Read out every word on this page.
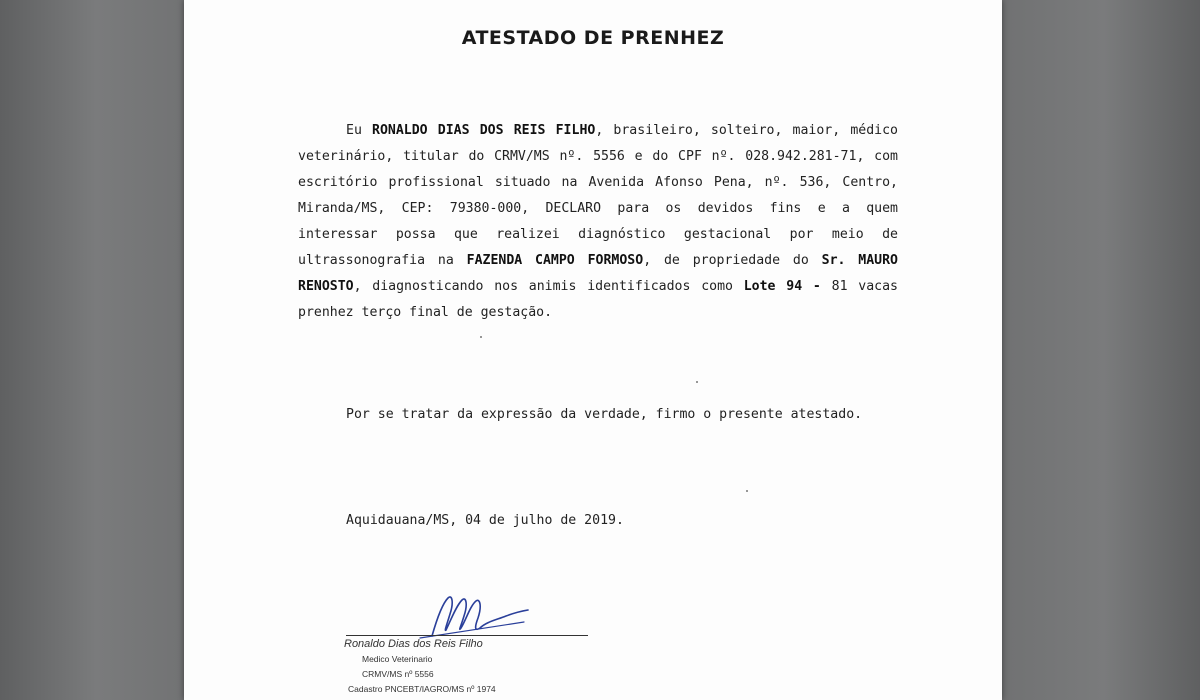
ATESTADO DE PRENHEZ
Eu RONALDO DIAS DOS REIS FILHO, brasileiro, solteiro, maior, médico veterinário, titular do CRMV/MS nº. 5556 e do CPF nº. 028.942.281-71, com escritório profissional situado na Avenida Afonso Pena, nº. 536, Centro, Miranda/MS, CEP: 79380-000, DECLARO para os devidos fins e a quem interessar possa que realizei diagnóstico gestacional por meio de ultrassonografia na FAZENDA CAMPO FORMOSO, de propriedade do Sr. MAURO RENOSTO, diagnosticando nos animis identificados como Lote 94 - 81 vacas prenhez terço final de gestação.
Por se tratar da expressão da verdade, firmo o presente atestado.
Aquidauana/MS, 04 de julho de 2019.
Ronaldo Dias dos Reis Filho
Medico Veterinario
CRMV/MS nº 5556
Cadastro PNCEBT/IAGRO/MS nº 1974
